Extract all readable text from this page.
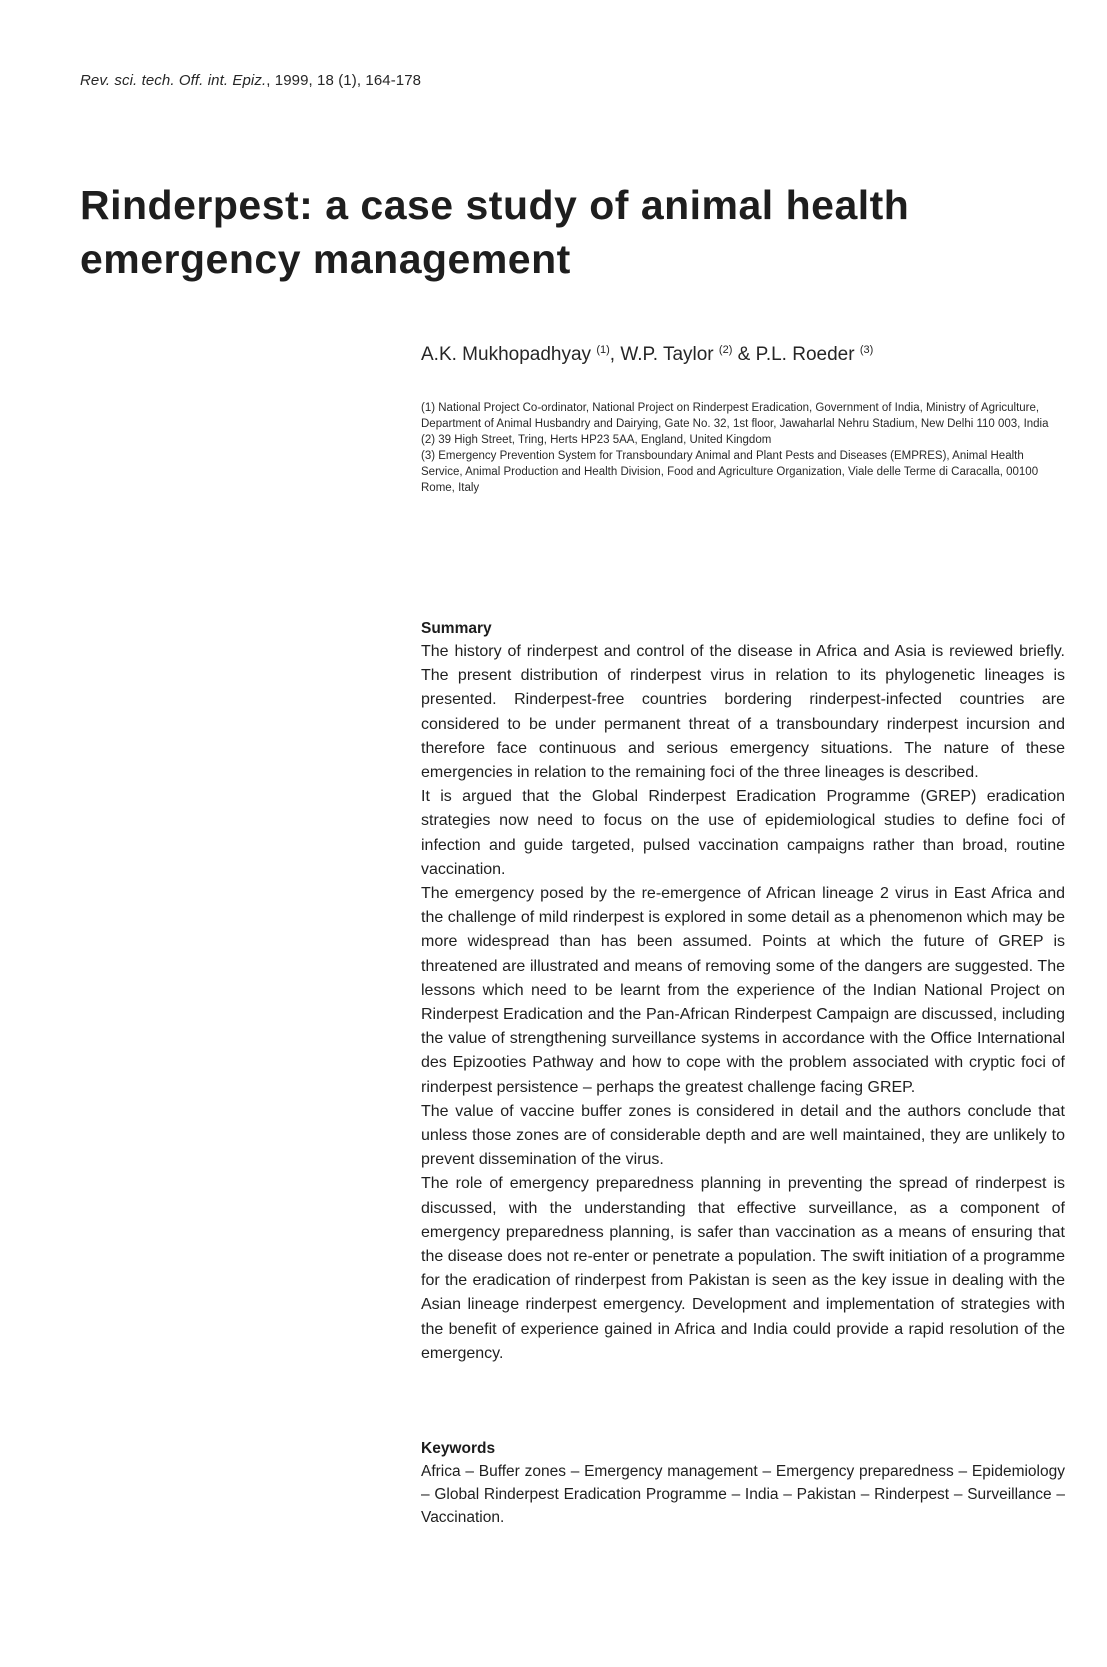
Rev. sci. tech. Off. int. Epiz., 1999, 18 (1), 164-178
Rinderpest: a case study of animal health
emergency management
A.K. Mukhopadhyay $^{(1)}$, W.P. Taylor $^{(2)}$ & P.L. Roeder $^{(3)}$

(1) National Project Co-ordinator, National Project on Rinderpest Eradication, Government of India, Ministry of Agriculture, Department of Animal Husbandry and Dairying, Gate No. 32, 1st floor, Jawaharlal Nehru Stadium, New Delhi 110 003, India

(2) 39 High Street, Tring, Herts HP23 5AA, England, United Kingdom

(3) Emergency Prevention System for Transboundary Animal and Plant Pests and Diseases (EMPRES), Animal Health Service, Animal Production and Health Division, Food and Agriculture Organization, Viale delle Terme di Caracalla, 00100 Rome, Italy

Summary

The history of rinderpest and control of the disease in Africa and Asia is reviewed briefly. The present distribution of rinderpest virus in relation to its phylogenetic lineages is presented. Rinderpest-free countries bordering rinderpest-infected countries are considered to be under permanent threat of a transboundary rinderpest incursion and therefore face continuous and serious emergency situations. The nature of these emergencies in relation to the remaining foci of the three lineages is described.

It is argued that the Global Rinderpest Eradication Programme (GREP) eradication strategies now need to focus on the use of epidemiological studies to define foci of infection and guide targeted, pulsed vaccination campaigns rather than broad, routine vaccination.

The emergency posed by the re-emergence of African lineage 2 virus in East Africa and the challenge of mild rinderpest is explored in some detail as a phenomenon which may be more widespread than has been assumed. Points at which the future of GREP is threatened are illustrated and means of removing some of the dangers are suggested. The lessons which need to be learnt from the experience of the Indian National Project on Rinderpest Eradication and the Pan-African Rinderpest Campaign are discussed, including the value of strengthening surveillance systems in accordance with the Office International des Epizooties Pathway and how to cope with the problem associated with cryptic foci of rinderpest persistence – perhaps the greatest challenge facing GREP.

The value of vaccine buffer zones is considered in detail and the authors conclude that unless those zones are of considerable depth and are well maintained, they are unlikely to prevent dissemination of the virus.

The role of emergency preparedness planning in preventing the spread of rinderpest is discussed, with the understanding that effective surveillance, as a component of emergency preparedness planning, is safer than vaccination as a means of ensuring that the disease does not re-enter or penetrate a population. The swift initiation of a programme for the eradication of rinderpest from Pakistan is seen as the key issue in dealing with the Asian lineage rinderpest emergency. Development and implementation of strategies with the benefit of experience gained in Africa and India could provide a rapid resolution of the emergency.

Keywords

Africa – Buffer zones – Emergency management – Emergency preparedness – Epidemiology – Global Rinderpest Eradication Programme – India – Pakistan – Rinderpest – Surveillance – Vaccination.
